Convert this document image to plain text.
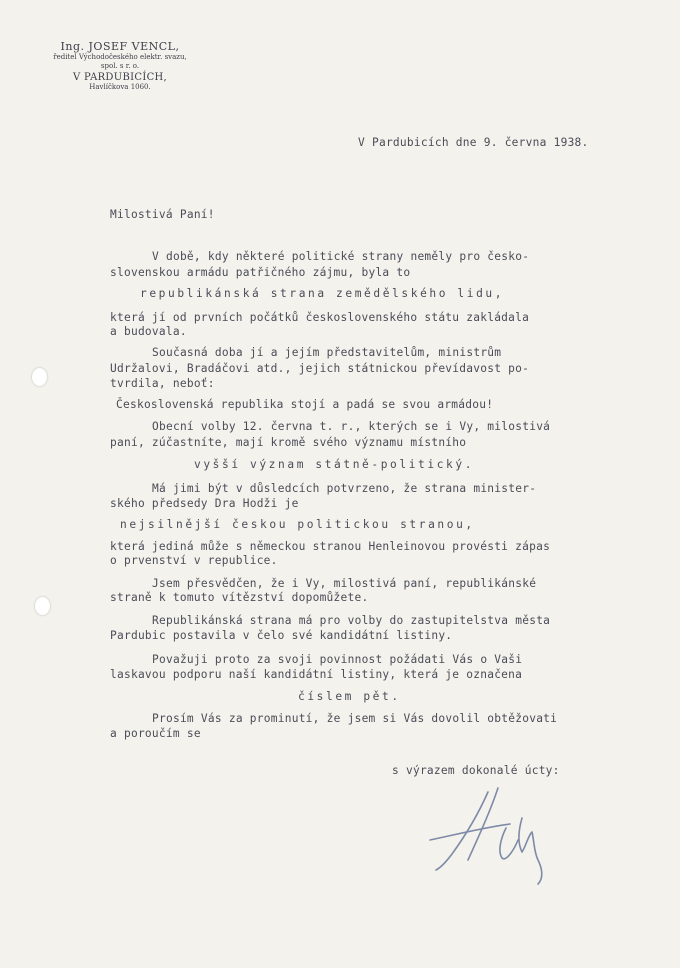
Ing. JOSEF VENCL,
ředitel Východočeského elektr. svazu,
spol. s r. o.
V PARDUBICÍCH,
Havlíčkova 1060.
V Pardubicích dne 9. června 1938.
Milostivá Paní!
V době, kdy některé politické strany neměly pro česko-
slovenskou armádu patřičného zájmu, byla to
republikánská strana zemědělského lidu,
která jí od prvních počátků československého státu zakládala
a budovala.
Současná doba jí a jejím představitelům, ministrům
Udržalovi, Bradáčovi atd., jejich státnickou převídavost po-
tvrdila, neboť:
Československá republika stojí a padá se svou armádou!
Obecní volby 12. června t. r., kterých se i Vy, milostivá
paní, zúčastníte, mají kromě svého významu místního
vyšší význam státně-politický.
Má jimi být v důsledcích potvrzeno, že strana minister-
ského předsedy Dra Hodži je
nejsilnější českou politickou stranou,
která jediná může s německou stranou Henleinovou provésti zápas
o prvenství v republice.
Jsem přesvědčen, že i Vy, milostivá paní, republikánské
straně k tomuto vítězství dopomůžete.
Republikánská strana má pro volby do zastupitelstva města
Pardubic postavila v čelo své kandidátní listiny.
Považuji proto za svoji povinnost požádati Vás o Vaši
laskavou podporu naší kandidátní listiny, která je označena
číslem pět.
Prosím Vás za prominutí, že jsem si Vás dovolil obtěžovati
a poroučím se
s výrazem dokonalé úcty:
